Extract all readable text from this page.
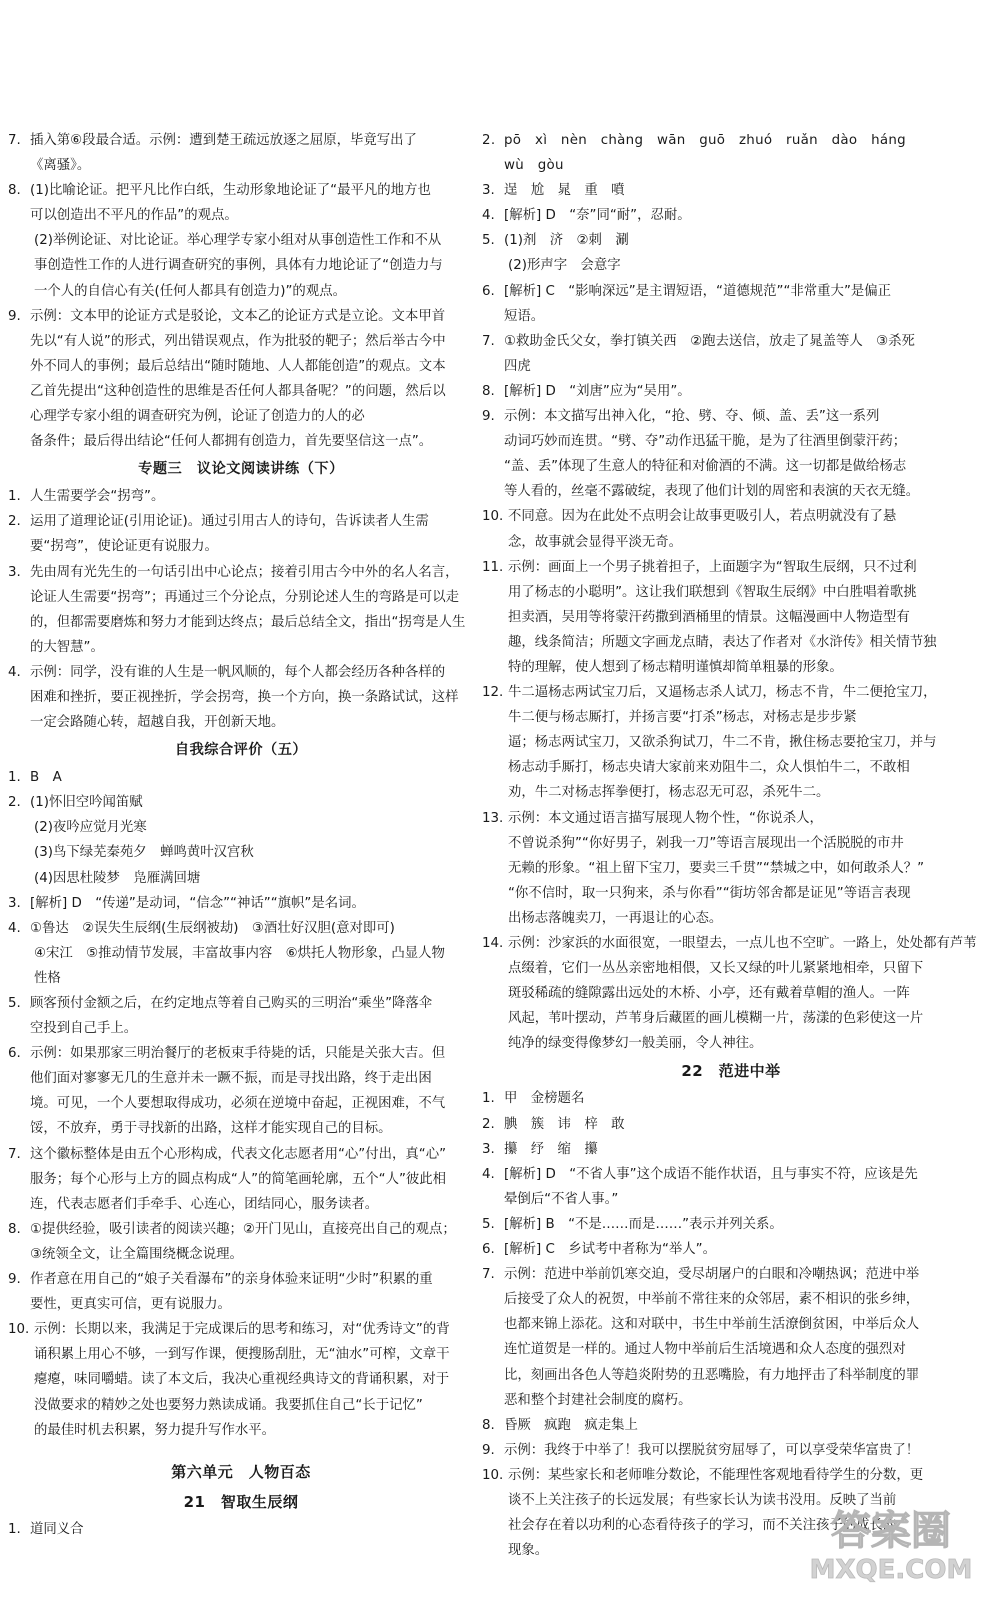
7. 插入第⑥段最合适。示例：遭到楚王疏远放逐之屈原，毕竟写出了
《离骚》。
8. (1)比喻论证。把平凡比作白纸，生动形象地论证了“最平凡的地方也
可以创造出不平凡的作品”的观点。
(2)举例论证、对比论证。举心理学专家小组对从事创造性工作和不从
事创造性工作的人进行调查研究的事例，具体有力地论证了“创造力与
一个人的自信心有关(任何人都具有创造力)”的观点。
9. 示例：文本甲的论证方式是驳论，文本乙的论证方式是立论。文本甲首
先以“有人说”的形式，列出错误观点，作为批驳的靶子；然后举古今中
外不同人的事例；最后总结出“随时随地、人人都能创造”的观点。文本
乙首先提出“这种创造性的思维是否任何人都具备呢？”的问题，然后以
心理学专家小组的调查研究为例，论证了创造力的人的必
备条件；最后得出结论“任何人都拥有创造力，首先要坚信这一点”。
专题三　议论文阅读讲练（下）
1. 人生需要学会“拐弯”。
2. 运用了道理论证(引用论证)。通过引用古人的诗句，告诉读者人生需
要“拐弯”，使论证更有说服力。
3. 先由周有光先生的一句话引出中心论点；接着引用古今中外的名人名言，
论证人生需要“拐弯”；再通过三个分论点，分别论述人生的弯路是可以走
的，但都需要磨炼和努力才能到达终点；最后总结全文，指出“拐弯是人生
的大智慧”。
4. 示例：同学，没有谁的人生是一帆风顺的，每个人都会经历各种各样的
困难和挫折，要正视挫折，学会拐弯，换一个方向，换一条路试试，这样
一定会路随心转，超越自我，开创新天地。
自我综合评价（五）
1. B　A
2. (1)怀旧空吟闻笛赋
(2)夜吟应觉月光寒
(3)鸟下绿芜秦苑夕　蝉鸣黄叶汉宫秋
(4)因思杜陵梦　凫雁满回塘
3. [解析] D　“传递”是动词，“信念”“神话”“旗帜”是名词。
4. ①鲁达　②误失生辰纲(生辰纲被劫)　③酒壮好汉胆(意对即可)
④宋江　⑤推动情节发展，丰富故事内容　⑥烘托人物形象，凸显人物
性格
5. 顾客预付金额之后，在约定地点等着自己购买的三明治“乘坐”降落伞
空投到自己手上。
6. 示例：如果那家三明治餐厅的老板束手待毙的话，只能是关张大吉。但
他们面对寥寥无几的生意并未一蹶不振，而是寻找出路，终于走出困
境。可见，一个人要想取得成功，必须在逆境中奋起，正视困难，不气
馁，不放弃，勇于寻找新的出路，这样才能实现自己的目标。
7. 这个徽标整体是由五个心形构成，代表文化志愿者用“心”付出，真“心”
服务；每个心形与上方的圆点构成“人”的简笔画轮廓，五个“人”彼此相
连，代表志愿者们手牵手、心连心，团结同心，服务读者。
8. ①提供经验，吸引读者的阅读兴趣；②开门见山，直接亮出自己的观点；
③统领全文，让全篇围绕概念说理。
9. 作者意在用自己的“娘子关看瀑布”的亲身体验来证明“少时”积累的重
要性，更真实可信，更有说服力。
10. 示例：长期以来，我满足于完成课后的思考和练习，对“优秀诗文”的背
诵积累上用心不够，一到写作课，便搜肠刮肚，无“油水”可榨，文章干
瘪瘪，味同嚼蜡。读了本文后，我决心重视经典诗文的背诵积累，对于
没做要求的精妙之处也要努力熟读成诵。我要抓住自己“长于记忆”
的最佳时机去积累，努力提升写作水平。
第六单元　人物百态
21　智取生辰纲
1. 道同义合
2. pō　xì　nèn　chàng　wān　guō　zhuó　ruǎn　dào　háng
wù　gòu
3. 逞　尬　晁　重　噴
4. [解析] D　“奈”同“耐”，忍耐。
5. (1)剂　济　②刺　涮
(2)形声字　会意字
6. [解析] C　“影响深远”是主谓短语，“道德规范”“非常重大”是偏正
短语。
7. ①救助金氏父女，拳打镇关西　②跑去送信，放走了晁盖等人　③杀死
四虎
8. [解析] D　“刘唐”应为“吴用”。
9. 示例：本文描写出神入化，“抢、劈、夺、倾、盖、丢”这一系列
动词巧妙而连贯。“劈、夺”动作迅猛干脆，是为了往酒里倒蒙汗药；
“盖、丢”体现了生意人的特征和对偷酒的不满。这一切都是做给杨志
等人看的，丝毫不露破绽，表现了他们计划的周密和表演的天衣无缝。
10. 不同意。因为在此处不点明会让故事更吸引人，若点明就没有了悬
念，故事就会显得平淡无奇。
11. 示例：画面上一个男子挑着担子，上面题字为“智取生辰纲，只不过利
用了杨志的小聪明”。这让我们联想到《智取生辰纲》中白胜唱着歌挑
担卖酒，吴用等将蒙汗药撒到酒桶里的情景。这幅漫画中人物造型有
趣，线条简洁；所题文字画龙点睛，表达了作者对《水浒传》相关情节独
特的理解，使人想到了杨志精明谨慎却简单粗暴的形象。
12. 牛二逼杨志两试宝刀后，又逼杨志杀人试刀，杨志不肯，牛二便抢宝刀，
牛二便与杨志厮打，并扬言要“打杀”杨志，对杨志是步步紧
逼；杨志两试宝刀，又欲杀狗试刀，牛二不肯，揪住杨志要抢宝刀，并与
杨志动手厮打，杨志央请大家前来劝阻牛二，众人惧怕牛二，不敢相
劝，牛二对杨志挥拳便打，杨志忍无可忍，杀死牛二。
13. 示例：本文通过语言描写展现人物个性，“你说杀人，
不曾说杀狗”“你好男子，剁我一刀”等语言展现出一个活脱脱的市井
无赖的形象。“祖上留下宝刀，要卖三千贯”“禁城之中，如何敢杀人？”
“你不信时，取一只狗来，杀与你看”“街坊邻舍都是证见”等语言表现
出杨志落魄卖刀，一再退让的心态。
14. 示例：沙家浜的水面很宽，一眼望去，一点儿也不空旷。一路上，处处都有芦苇
点缀着，它们一丛丛亲密地相偎，又长又绿的叶儿紧紧地相牵，只留下
斑驳稀疏的缝隙露出远处的木桥、小亭，还有戴着草帽的渔人。一阵
风起，苇叶摆动，芦苇身后藏匿的画儿模糊一片，荡漾的色彩使这一片
纯净的绿变得像梦幻一般美丽，令人神往。
22　范进中举
1. 甲　金榜题名
2. 腆　簇　讳　梓　敢
3. 攥　纾　缩　攥
4. [解析] D　“不省人事”这个成语不能作状语，且与事实不符，应该是先
晕倒后“不省人事。”
5. [解析] B　“不是……而是……”表示并列关系。
6. [解析] C　乡试考中者称为“举人”。
7. 示例：范进中举前饥寒交迫，受尽胡屠户的白眼和冷嘲热讽；范进中举
后接受了众人的祝贺，中举前不常往来的众邻居，素不相识的张乡绅，
也都来锦上添花。这和对联中，书生中举前生活潦倒贫困，中举后众人
连忙道贺是一样的。通过人物中举前后生活境遇和众人态度的强烈对
比，刻画出各色人等趋炎附势的丑恶嘴脸，有力地抨击了科举制度的罪
恶和整个封建社会制度的腐朽。
8. 昏厥　疯跑　疯走集上
9. 示例：我终于中举了！我可以摆脱贫穷屈辱了，可以享受荣华富贵了！
10. 示例：某些家长和老师唯分数论，不能理性客观地看待学生的分数，更
谈不上关注孩子的长远发展；有些家长认为读书没用。反映了当前
社会存在着以功利的心态看待孩子的学习，而不关注孩子的成长的
现象。	答案圈
MXQE.COM
